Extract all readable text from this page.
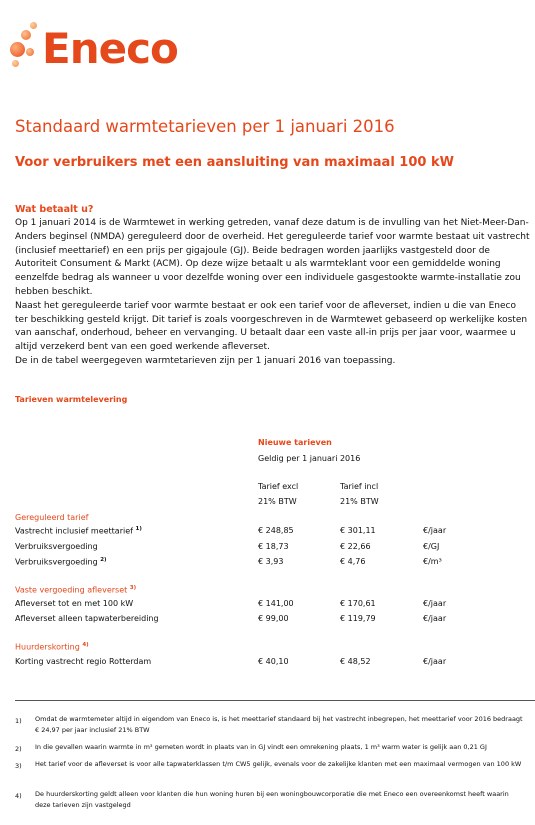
Eneco
Standaard warmtetarieven per 1 januari 2016
Voor verbruikers met een aansluiting van maximaal 100 kW
Wat betaalt u?

Op 1 januari 2014 is de Warmtewet in werking getreden, vanaf deze datum is de invulling van het Niet-Meer-Dan-Anders beginsel (NMDA) gereguleerd door de overheid. Het gereguleerde tarief voor warmte bestaat uit vastrecht (inclusief meettarief) en een prijs per gigajoule (GJ). Beide bedragen worden jaarlijks vastgesteld door de Autoriteit Consument & Markt (ACM). Op deze wijze betaalt u als warmteklant voor een gemiddelde woning eenzelfde bedrag als wanneer u voor dezelfde woning over een individuele gasgestookte warmte-installatie zou hebben beschikt.

Naast het gereguleerde tarief voor warmte bestaat er ook een tarief voor de afleverset, indien u die van Eneco ter beschikking gesteld krijgt. Dit tarief is zoals voorgeschreven in de Warmtewet gebaseerd op werkelijke kosten van aanschaf, onderhoud, beheer en vervanging. U betaalt daar een vaste all-in prijs per jaar voor, waarmee u altijd verzekerd bent van een goed werkende afleverset.

De in de tabel weergegeven warmtetarieven zijn per 1 januari 2016 van toepassing.

Tarieven warmtelevering
Nieuwe tarieven
Geldig per 1 januari 2016
Tarief excl
21% BTW
Tarief incl
21% BTW
Gereguleerd tarief
Vastrecht inclusief meettarief $^{1)}$	€ 248,85	€ 301,11	€/jaar
Verbruiksvergoeding	€ 18,73	€ 22,66	€/GJ
Verbruiksvergoeding $^{2)}$	€ 3,93	€ 4,76	€/m³
Vaste vergoeding afleverset $^{3)}$
Afleverset tot en met 100 kW	€ 141,00	€ 170,61	€/jaar
Afleverset alleen tapwaterbereiding	€ 99,00	€ 119,79	€/jaar
Huurderskorting $^{4)}$
Korting vastrecht regio Rotterdam	€ 40,10	€ 48,52	€/jaar
1) Omdat de warmtemeter altijd in eigendom van Eneco is, is het meettarief standaard bij het vastrecht inbegrepen, het meettarief voor 2016 bedraagt € 24,97 per jaar inclusief 21% BTW
2) In die gevallen waarin warmte in m³ gemeten wordt in plaats van in GJ vindt een omrekening plaats, 1 m³ warm water is gelijk aan 0,21 GJ
3) Het tarief voor de afleverset is voor alle tapwaterklassen t/m CW5 gelijk, evenals voor de zakelijke klanten met een maximaal vermogen van 100 kW
4) De huurderskorting geldt alleen voor klanten die hun woning huren bij een woningbouwcorporatie die met Eneco een overeenkomst heeft waarin deze tarieven zijn vastgelegd
